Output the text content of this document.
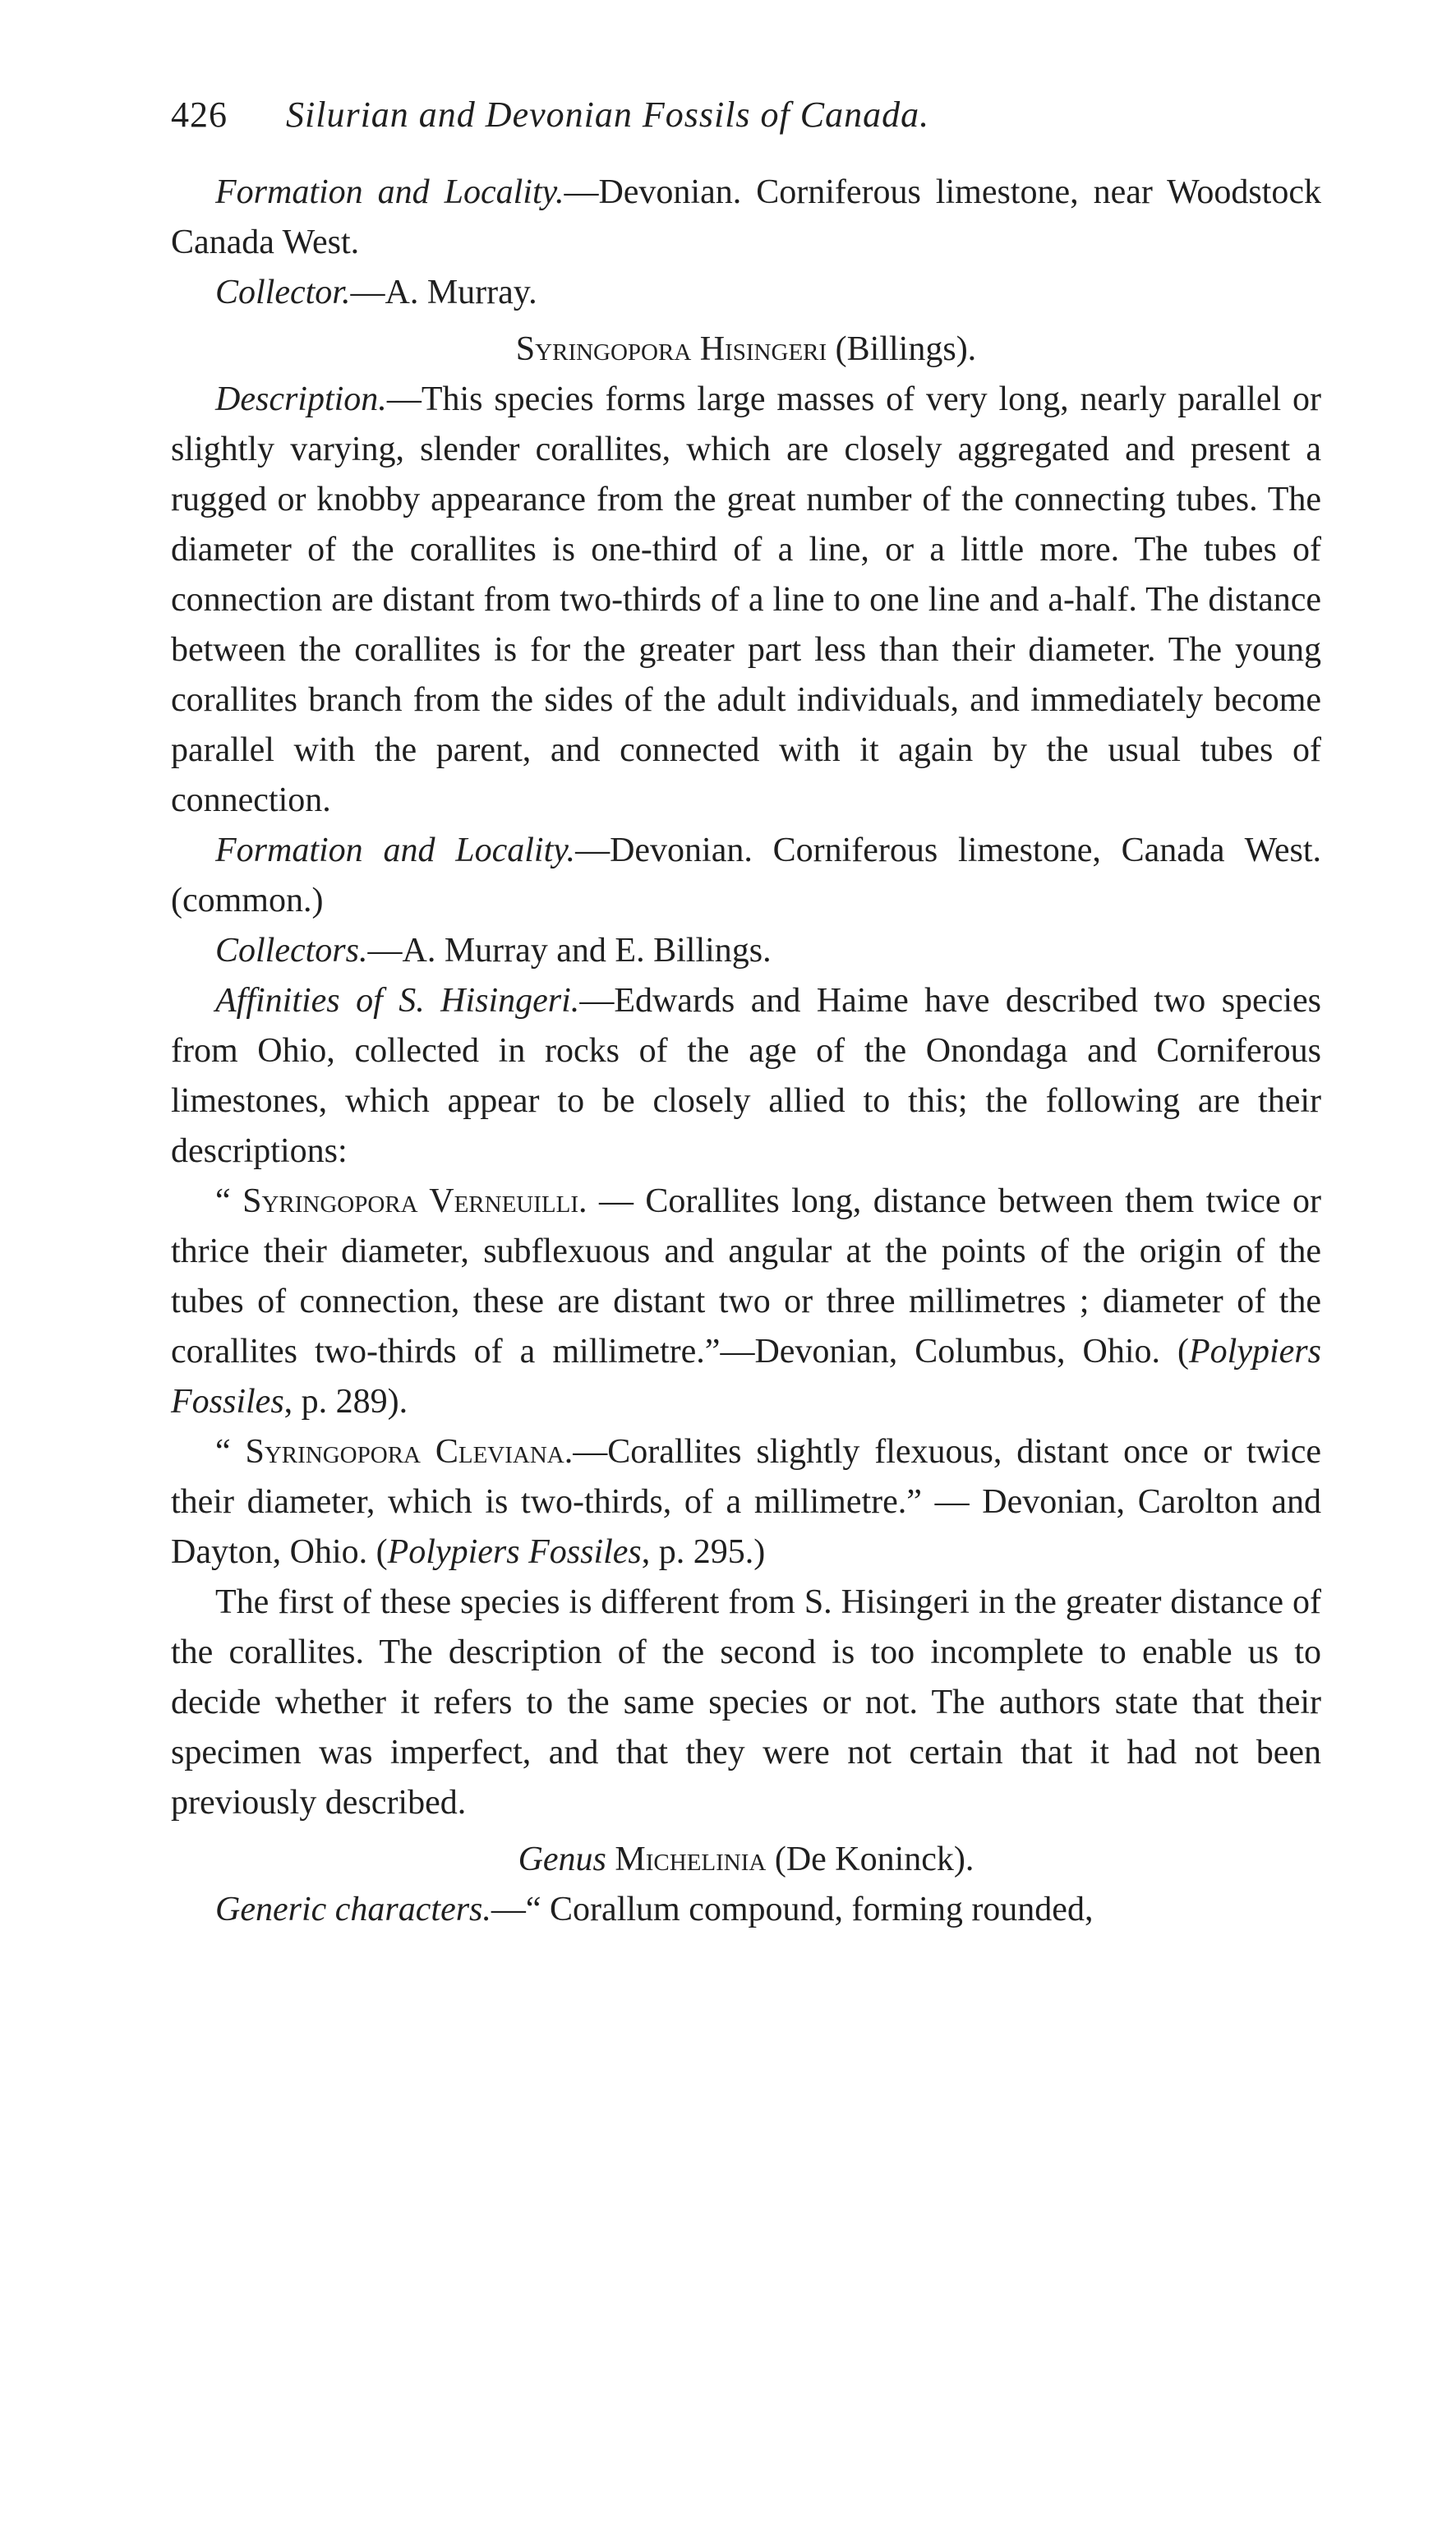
426	Silurian and Devonian Fossils of Canada.

Formation and Locality.—Devonian. Corniferous limestone, near Woodstock Canada West.

Collector.—A. Murray.

Syringopora Hisingeri (Billings).

Description.—This species forms large masses of very long, nearly parallel or slightly varying, slender corallites, which are closely aggregated and present a rugged or knobby appearance from the great number of the connecting tubes. The diameter of the corallites is one-third of a line, or a little more. The tubes of connection are distant from two-thirds of a line to one line and a-half. The distance between the corallites is for the greater part less than their diameter. The young corallites branch from the sides of the adult individuals, and immediately become parallel with the parent, and connected with it again by the usual tubes of connection.

Formation and Locality.—Devonian. Corniferous limestone, Canada West. (common.)

Collectors.—A. Murray and E. Billings.

Affinities of S. Hisingeri.—Edwards and Haime have described two species from Ohio, collected in rocks of the age of the Onondaga and Corniferous limestones, which appear to be closely allied to this; the following are their descriptions:

“ Syringopora Verneuilli. — Corallites long, distance between them twice or thrice their diameter, subflexuous and angular at the points of the origin of the tubes of connection, these are distant two or three millimetres ; diameter of the corallites two-thirds of a millimetre.”—Devonian, Columbus, Ohio. (Polypiers Fossiles, p. 289).

“ Syringopora Cleviana.—Corallites slightly flexuous, distant once or twice their diameter, which is two-thirds, of a millimetre.” — Devonian, Carolton and Dayton, Ohio. (Polypiers Fossiles, p. 295.)

The first of these species is different from S. Hisingeri in the greater distance of the corallites. The description of the second is too incomplete to enable us to decide whether it refers to the same species or not. The authors state that their specimen was imperfect, and that they were not certain that it had not been previously described.

Genus Michelinia (De Koninck).

Generic characters.—“ Corallum compound, forming rounded,
